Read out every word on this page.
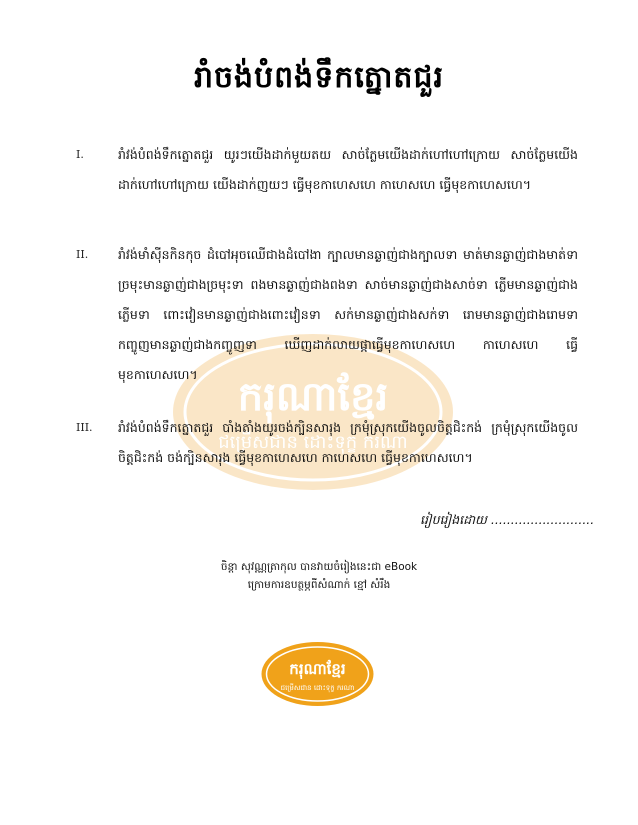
ករុណាខ្មែរ
ជម្រើសជាន ដោះទុក្ខ ករណា
រាំចង់បំពង់ទឹកត្នោតជួរ
I.	រាំវង់បំពង់ទឹកត្នោតជួរ យូរៗយើងដាក់មួយតយ សាច់ភ្លែមយើងដាក់ហៅហៅក្រោយ សាច់ភ្លែមយើងដាក់ហៅហៅក្រោយ យើងដាក់ញយៗ ធ្វើមុខកាហេសហេ កាហេសហេ ធ្វើមុខកាហេសហេ។
II. រាំវង់មាំស៊ីនកិនកុច ដំបៅអុចឈើជាងដំបៅងា ក្បាលមានឆ្ងាញ់ជាងក្បាលទា មាត់មានឆ្ងាញ់ជាងមាត់ទា ច្រមុះមានឆ្ងាញ់ជាងច្រមុះទា ពងមានឆ្ងាញ់ជាងពងទា សាច់មានឆ្ងាញ់ជាងសាច់ទា ភ្លើមមានឆ្ងាញ់ជាងភ្លើមទា ពោះវៀនមានឆ្ងាញ់ជាងពោះវៀនទា សក់មានឆ្ងាញ់ជាងសក់ទា រោមមានឆ្ងាញ់ជាងរោមទា កញ្ចូញមានឆ្ងាញ់ជាងកញ្ចូញទា ឃើញដាក់លាយផ្កាធ្វើមុខកាហេសហេ កាហេសហេ ធ្វើមុខកាហេសហេ។
III. រាំវង់បំពង់ទឹកត្នោតជួរ បាំងតាំងយូរចង់ក្បិនសារុង ក្រមុំស្រុកយើងចូលចិត្តជិះកង់ ក្រមុំស្រុកយើងចូលចិត្តជិះកង់ ចង់ក្បិនសារុង ធ្វើមុខកាហេសហេ កាហេសហេ ធ្វើមុខកាហេសហេ។
រៀបរៀងដោយ ..........................
ចិន្តា សុវណ្ណត្រាកុល បានវាយចំរៀងនេះជា eBook
ក្រោមការឧបត្ថម្ភពីសំណាក់ ខ្មៅ សំរឹង
ករុណាខ្មែរ
ជម្រើសជាន ដោះទុក្ខ ករណា
